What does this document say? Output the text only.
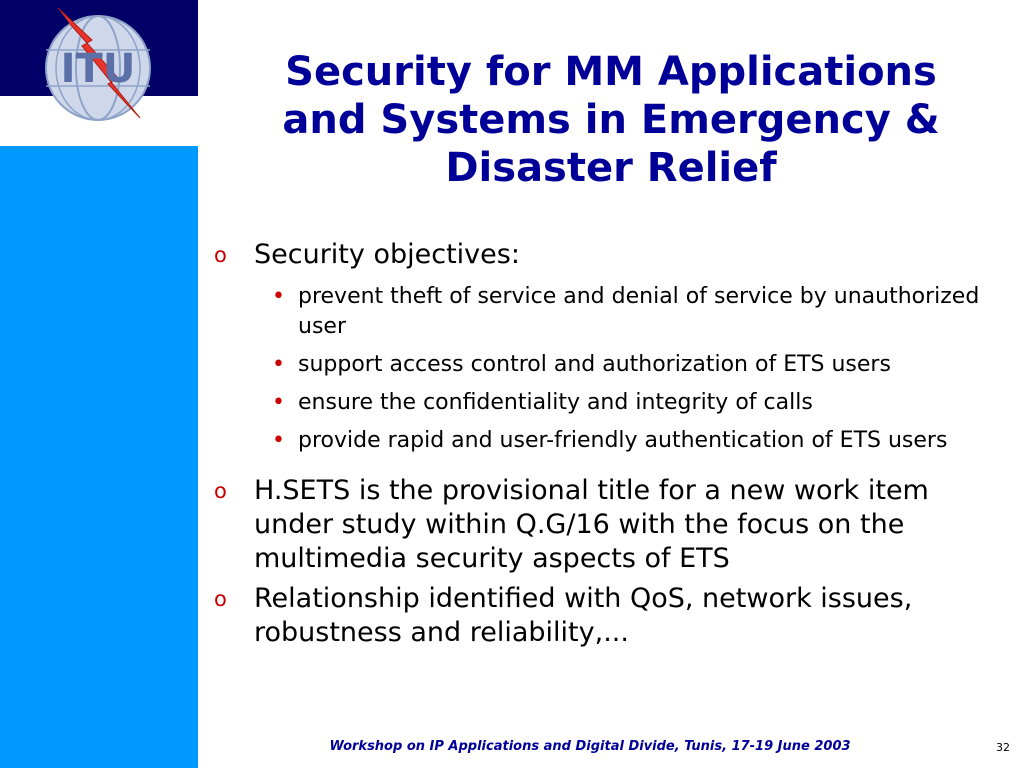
ITU	Security for MM Applications
and Systems in Emergency &
Disaster Relief
o Security objectives:
• prevent theft of service and denial of service by unauthorized user
• support access control and authorization of ETS users
• ensure the confidentiality and integrity of calls
• provide rapid and user-friendly authentication of ETS users
o H.SETS is the provisional title for a new work item under study within Q.G/16 with the focus on the multimedia security aspects of ETS
o Relationship identified with QoS, network issues, robustness and reliability,...
Workshop on IP Applications and Digital Divide, Tunis, 17-19 June 2003	32
